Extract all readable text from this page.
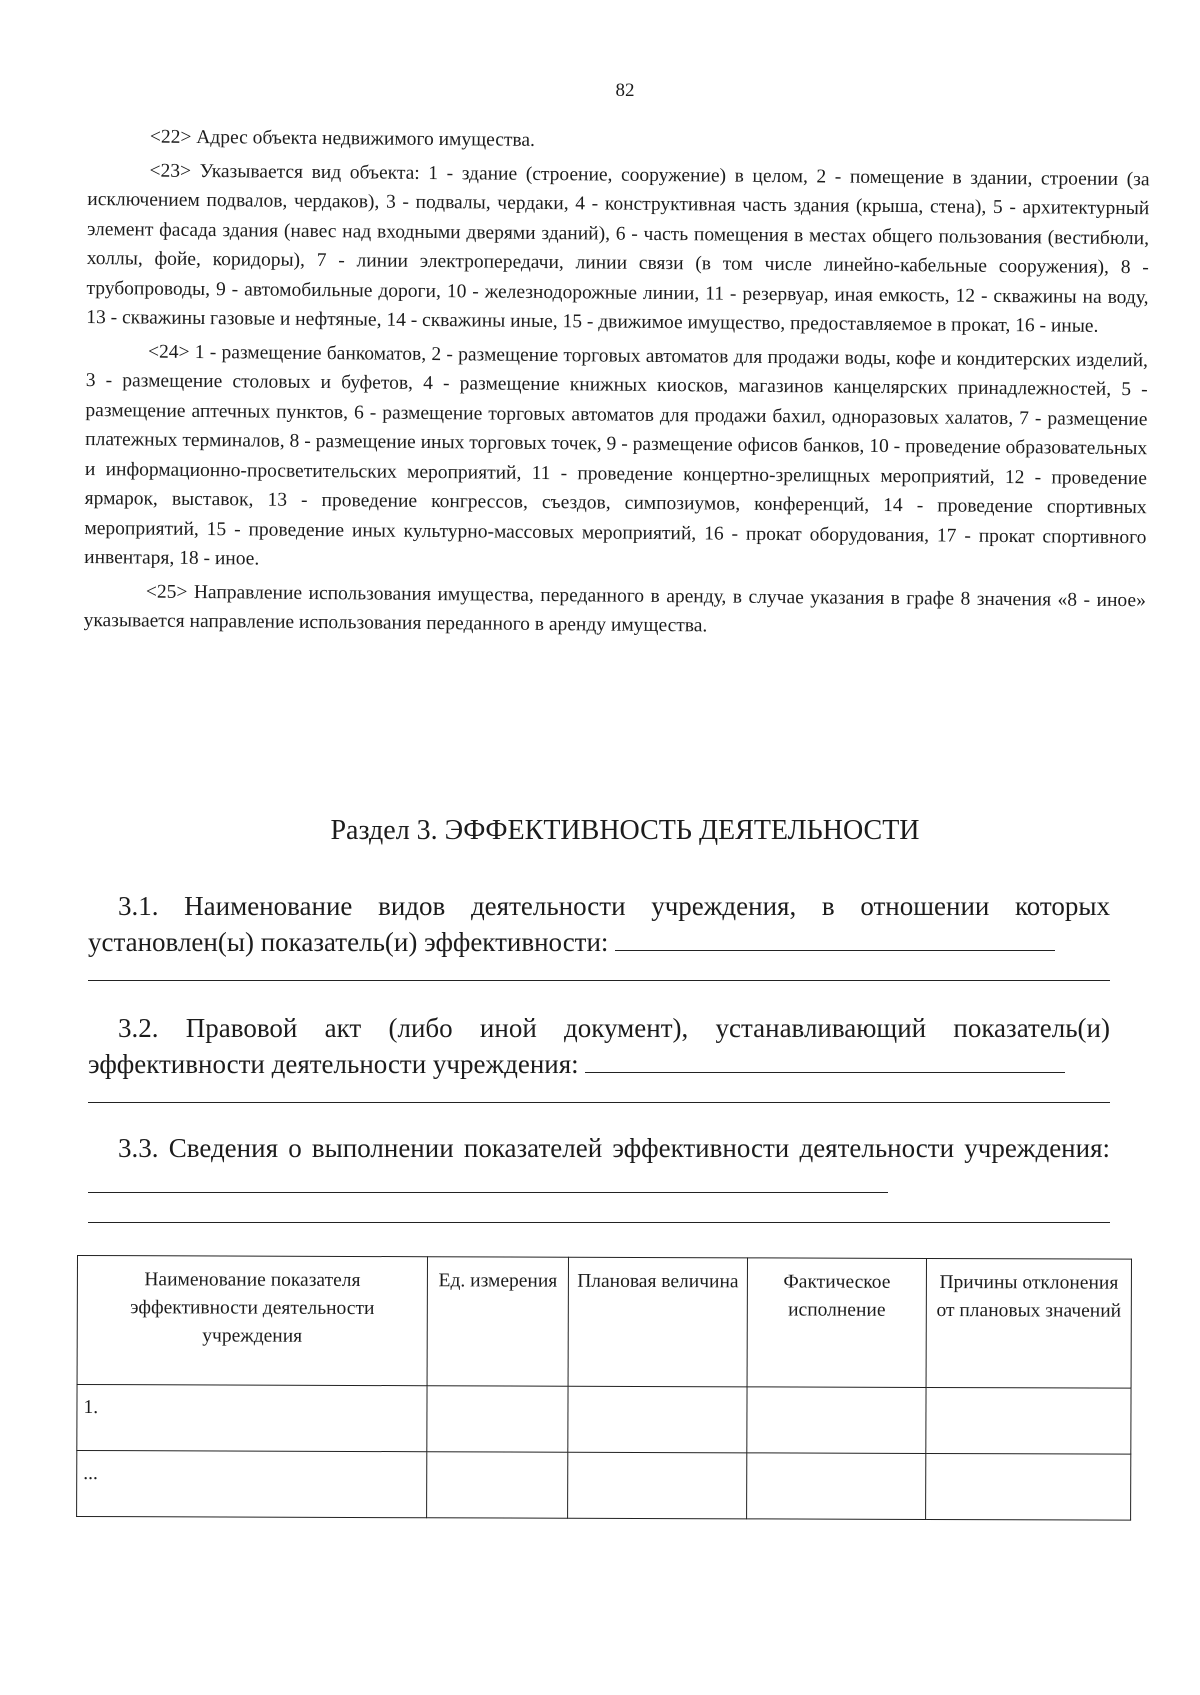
82

<22> Адрес объекта недвижимого имущества.

<23> Указывается вид объекта: 1 - здание (строение, сооружение) в целом, 2 - помещение в здании, строении (за исключением подвалов, чердаков), 3 - подвалы, чердаки, 4 - конструктивная часть здания (крыша, стена), 5 - архитектурный элемент фасада здания (навес над входными дверями зданий), 6 - часть помещения в местах общего пользования (вестибюли, холлы, фойе, коридоры), 7 - линии электропередачи, линии связи (в том числе линейно-кабельные сооружения), 8 - трубопроводы, 9 - автомобильные дороги, 10 - железнодорожные линии, 11 - резервуар, иная емкость, 12 - скважины на воду, 13 - скважины газовые и нефтяные, 14 - скважины иные, 15 - движимое имущество, предоставляемое в прокат, 16 - иные.

<24> 1 - размещение банкоматов, 2 - размещение торговых автоматов для продажи воды, кофе и кондитерских изделий, 3 - размещение столовых и буфетов, 4 - размещение книжных киосков, магазинов канцелярских принадлежностей, 5 - размещение аптечных пунктов, 6 - размещение торговых автоматов для продажи бахил, одноразовых халатов, 7 - размещение платежных терминалов, 8 - размещение иных торговых точек, 9 - размещение офисов банков, 10 - проведение образовательных и информационно-просветительских мероприятий, 11 - проведение концертно-зрелищных мероприятий, 12 - проведение ярмарок, выставок, 13 - проведение конгрессов, съездов, симпозиумов, конференций, 14 - проведение спортивных мероприятий, 15 - проведение иных культурно-массовых мероприятий, 16 - прокат оборудования, 17 - прокат спортивного инвентаря, 18 - иное.

<25> Направление использования имущества, переданного в аренду, в случае указания в графе 8 значения «8 - иное» указывается направление использования переданного в аренду имущества.

Раздел 3. ЭФФЕКТИВНОСТЬ ДЕЯТЕЛЬНОСТИ
3.1. Наименование видов деятельности учреждения, в отношении которых установлен(ы) показатель(и) эффективности:
3.2. Правовой акт (либо иной документ), устанавливающий показатель(и) эффективности деятельности учреждения:
3.3. Сведения о выполнении показателей эффективности деятельности учреждения:
Наименование показателя эффективности деятельности учреждения	Ед. измерения	Плановая величина	Фактическое исполнение	Причины отклонения от плановых значений
1.				
...				
